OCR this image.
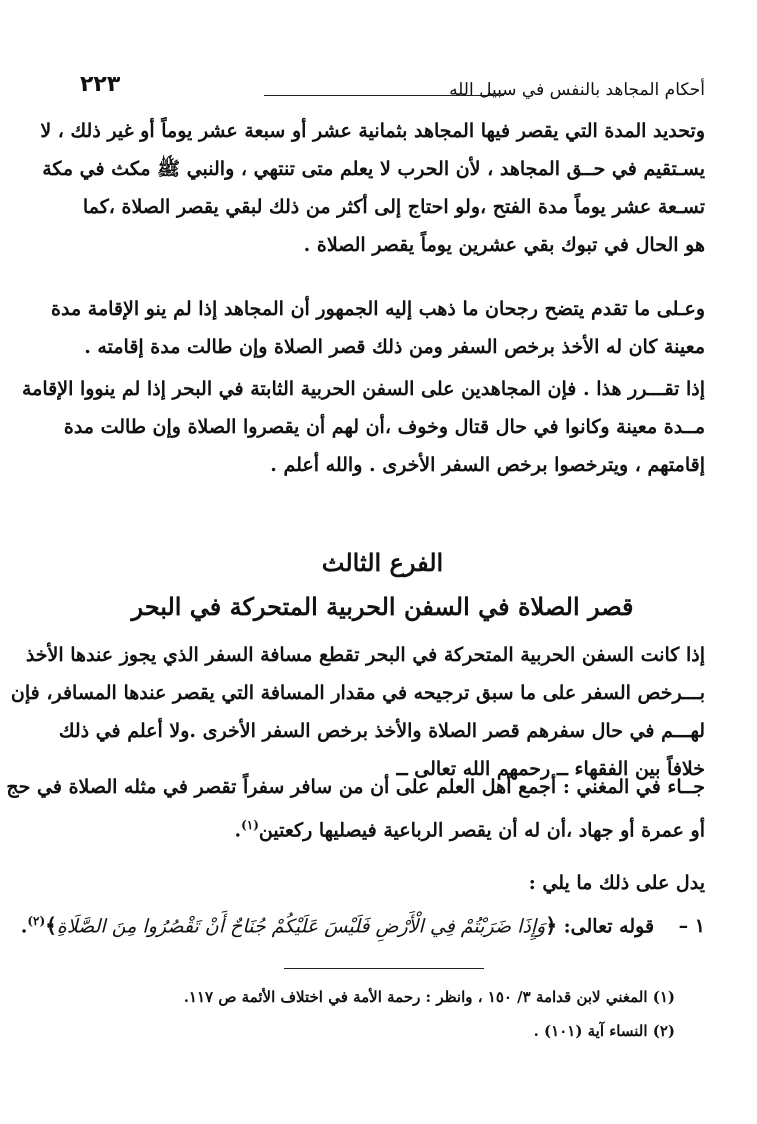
٢٢٣	أحكام المجاهد بالنفس في سبيل الله

وتحديد المدة التي يقصر فيها المجاهد بثمانية عشر أو سبعة عشر يوماً أو غير ذلك ، لا
يسـتقيم في حــق المجاهد ، لأن الحرب لا يعلم متى تنتهي ، والنبي ﷺ مكث في مكة
تسـعة عشر يوماً مدة الفتح ،ولو احتاج إلى أكثر من ذلك لبقي يقصر الصلاة ،كما
هو الحال في تبوك بقي عشرين يوماً يقصر الصلاة .

وعـلى ما تقدم يتضح رجحان ما ذهب إليه الجمهور أن المجاهد إذا لم ينو الإقامة مدة
معينة كان له الأخذ برخص السفر ومن ذلك قصر الصلاة وإن طالت مدة إقامته .

إذا تقـــرر هذا . فإن المجاهدين على السفن الحربية الثابتة في البحر إذا لم ينووا الإقامة
مــدة معينة وكانوا في حال قتال وخوف ،أن لهم أن يقصروا الصلاة وإن طالت مدة
إقامتهم ، ويترخصوا برخص السفر الأخرى . والله أعلم .

الفرع الثالث
قصر الصلاة في السفن الحربية المتحركة في البحر

إذا كانت السفن الحربية المتحركة في البحر تقطع مسافة السفر الذي يجوز عندها الأخذ
بـــرخص السفر على ما سبق ترجيحه في مقدار المسافة التي يقصر عندها المسافر، فإن
لهـــم في حال سفرهم قصر الصلاة والأخذ برخص السفر الأخرى .ولا أعلم في ذلك
خلافاً بين الفقهاء ــ رحمهم الله تعالى ــ

جــاء في المغني : أجمع أهل العلم على أن من سافر سفراً تقصر في مثله الصلاة في حج
أو عمرة أو جهاد ،أن له أن يقصر الرباعية فيصليها ركعتين$^{(١)}$.

يدل على ذلك ما يلي :
١ – قوله تعالى: ﴿وَإِذَا ضَرَبْتُمْ فِي الْأَرْضِ فَلَيْسَ عَلَيْكُمْ جُنَاحٌ أَنْ تَقْصُرُوا مِنَ الصَّلَاةِ﴾$^{(٢)}$.
(١) المغني لابن قدامة ٣/ ١٥٠ ، وانظر : رحمة الأمة في اختلاف الأئمة ص ١١٧.
(٢) النساء آية (١٠١) .
